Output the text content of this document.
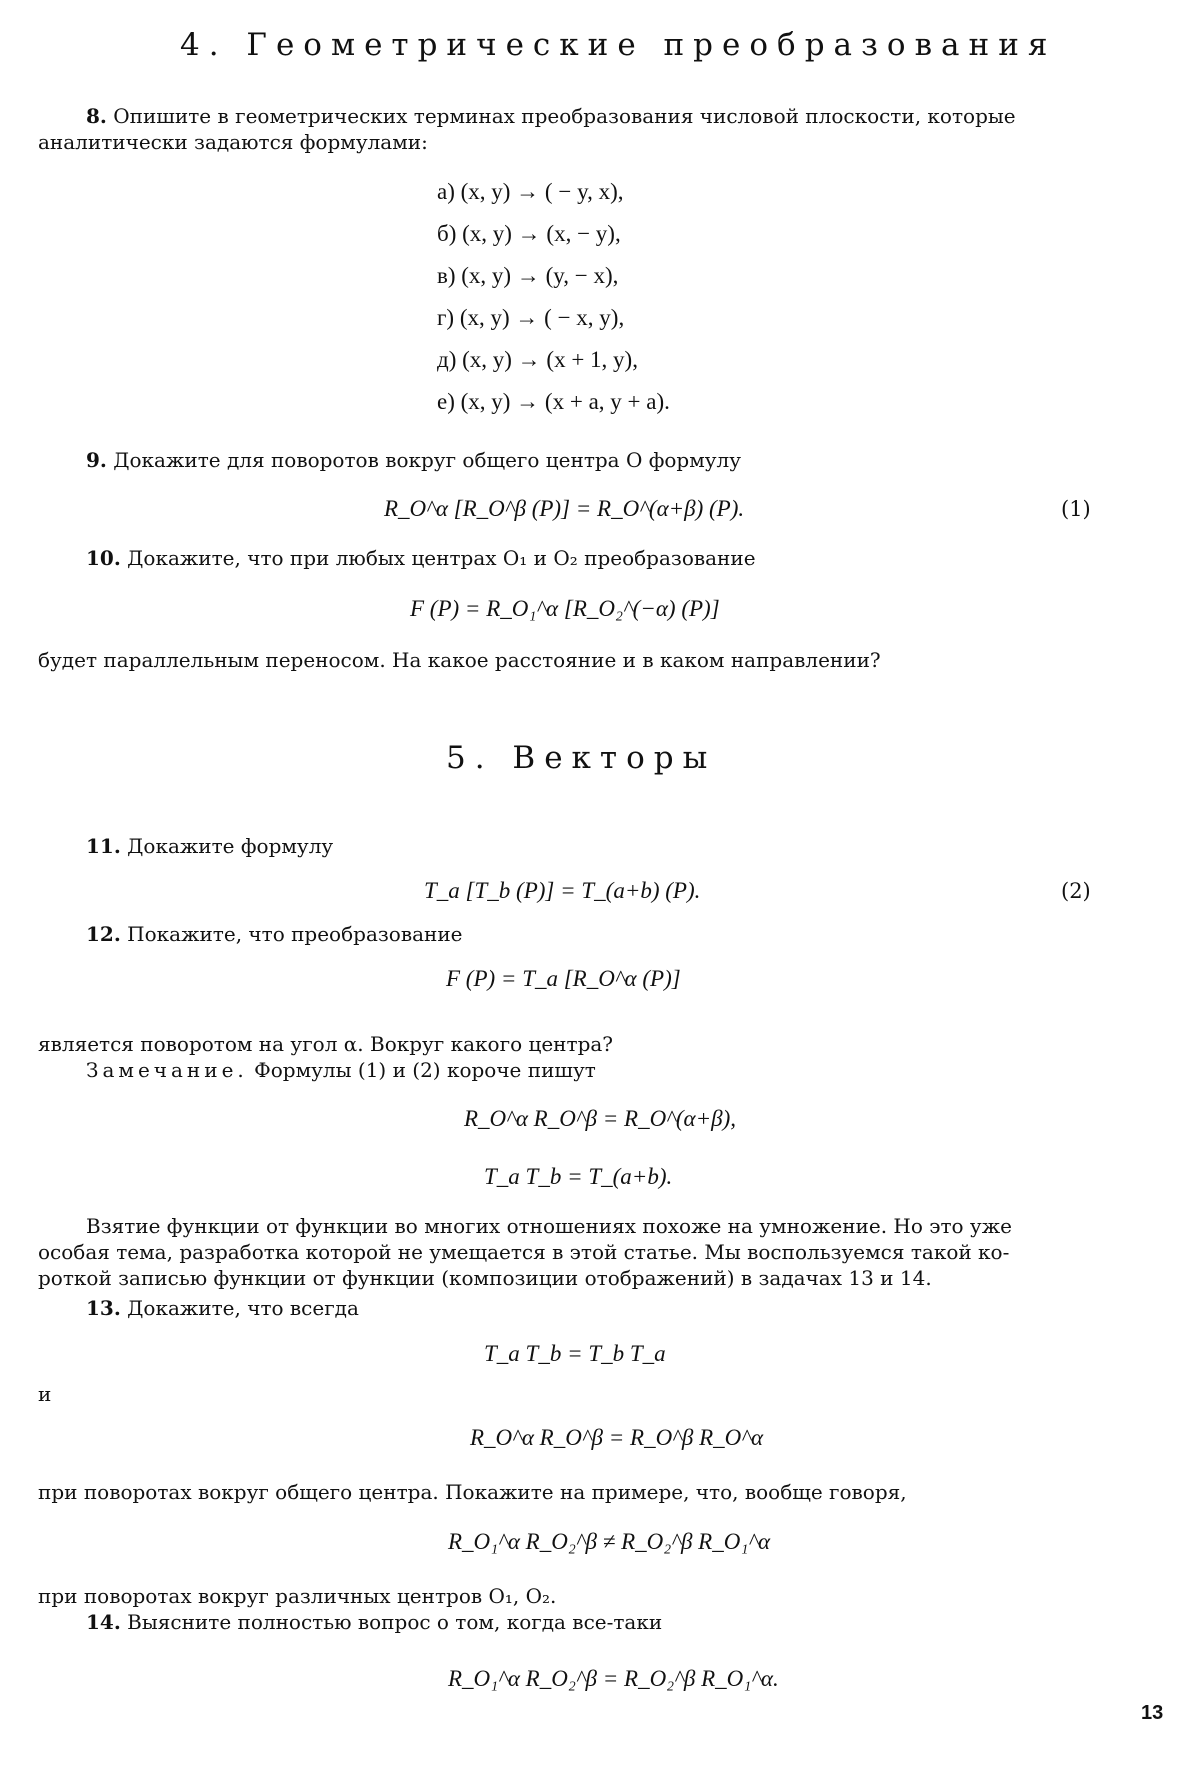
4. Геометрические преобразования
8. Опишите в геометрических терминах преобразования числовой плоскости, которые
аналитически задаются формулами:
а) (x, y) → ( − y, x),
б) (x, y) → (x, − y),
в) (x, y) → (y, − x),
г) (x, y) → ( − x, y),
д) (x, y) → (x + 1, y),
е) (x, y) → (x + a, y + a).
9. Докажите для поворотов вокруг общего центра O формулу
R_O^α [R_O^β (P)] = R_O^(α+β) (P).	(1)
10. Докажите, что при любых центрах O₁ и O₂ преобразование
F (P) = R_O₁^α [R_O₂^(−α) (P)]
будет параллельным переносом. На какое расстояние и в каком направлении?
5. Векторы
11. Докажите формулу
T_a [T_b (P)] = T_(a+b) (P).	(2)
12. Покажите, что преобразование
F (P) = T_a [R_O^α (P)]
является поворотом на угол α. Вокруг какого центра?
Замечание. Формулы (1) и (2) короче пишут
R_O^α R_O^β = R_O^(α+β),
T_a T_b = T_(a+b).
Взятие функции от функции во многих отношениях похоже на умножение. Но это уже
особая тема, разработка которой не умещается в этой статье. Мы воспользуемся такой ко-
роткой записью функции от функции (композиции отображений) в задачах 13 и 14.
13. Докажите, что всегда
T_a T_b = T_b T_a
и
R_O^α R_O^β = R_O^β R_O^α
при поворотах вокруг общего центра. Покажите на примере, что, вообще говоря,
R_O₁^α R_O₂^β ≠ R_O₂^β R_O₁^α
при поворотах вокруг различных центров O₁, O₂.
14. Выясните полностью вопрос о том, когда все-таки
R_O₁^α R_O₂^β = R_O₂^β R_O₁^α.
13
